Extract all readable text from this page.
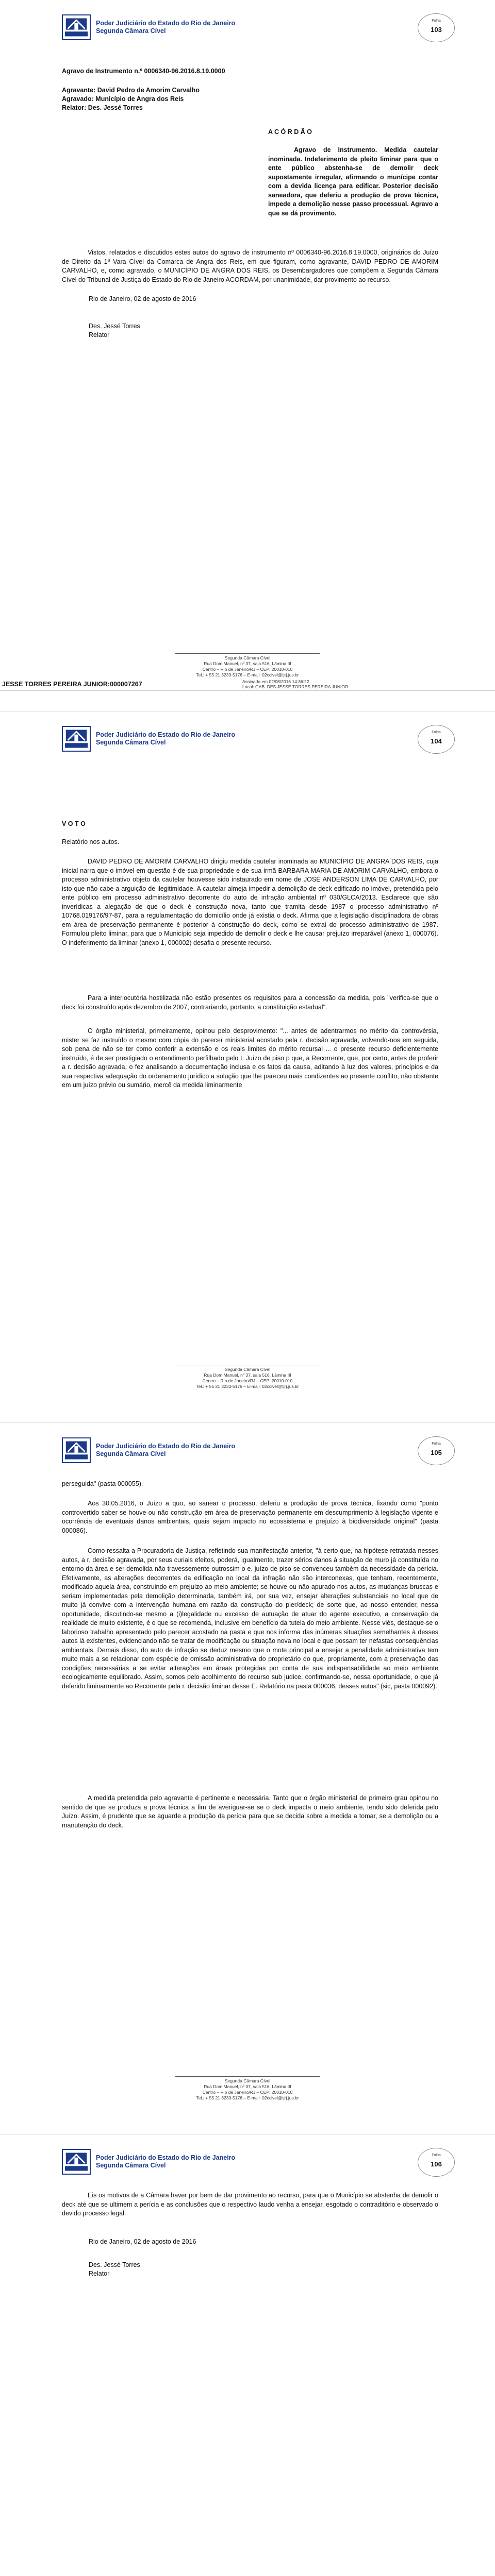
Poder Judiciário do Estado do Rio de Janeiro
Segunda Câmara Cível
Folha
103
Agravo de Instrumento n.º 0006340-96.2016.8.19.0000
Agravante: David Pedro de Amorim Carvalho
Agravado: Município de Angra dos Reis
Relator: Des. Jessé Torres
A C Ó R D Ã O
Agravo de Instrumento. Medida cautelar inominada. Indeferimento de pleito liminar para que o ente público abstenha-se de demolir deck supostamente irregular, afirmando o munícipe contar com a devida licença para edificar. Posterior decisão saneadora, que deferiu a produção de prova técnica, impede a demolição nesse passo processual. Agravo a que se dá provimento.
Vistos, relatados e discutidos estes autos do agravo de instrumento nº 0006340-96.2016.8.19.0000, originários do Juízo de Direito da 1ª Vara Cível da Comarca de Angra dos Reis, em que figuram, como agravante, DAVID PEDRO DE AMORIM CARVALHO, e, como agravado, o MUNICÍPIO DE ANGRA DOS REIS, os Desembargadores que compõem a Segunda Câmara Cível do Tribunal de Justiça do Estado do Rio de Janeiro ACORDAM, por unanimidade, dar provimento ao recurso.
Rio de Janeiro, 02 de agosto de 2016
Des. Jessé Torres
Relator
Segunda Câmara Cível
Rua Dom Manuel, nº 37, sala 516, Lâmina III
Centro – Rio de Janeiro/RJ – CEP: 20010-010
Tel.: + 55 21 3233-5176 – E-mail: 02ccivel@tjrj.jus.br
JESSE TORRES PEREIRA JUNIOR:000007267	Assinado em 02/08/2016 14:36:22
Local: GAB. DES JESSE TORRES PEREIRA JUNIOR
Poder Judiciário do Estado do Rio de Janeiro
Segunda Câmara Cível
Folha
104
V O T O
Relatório nos autos.
DAVID PEDRO DE AMORIM CARVALHO dirigiu medida cautelar inominada ao MUNICÍPIO DE ANGRA DOS REIS, cuja inicial narra que o imóvel em questão é de sua propriedade e de sua irmã BARBARA MARIA DE AMORIM CARVALHO, embora o processo administrativo objeto da cautelar houvesse sido instaurado em nome de JOSÉ ANDERSON LIMA DE CARVALHO, por isto que não cabe a arguição de ilegitimidade. A cautelar almeja impedir a demolição de deck edificado no imóvel, pretendida pelo ente público em processo administrativo decorrente do auto de infração ambiental nº 030/GLCA/2013. Esclarece que são inverídicas a alegação de que o deck é construção nova, tanto que tramita desde 1987 o processo administrativo nº 10768.019176/97-87, para a regulamentação do domicílio onde já existia o deck. Afirma que a legislação disciplinadora de obras em área de preservação permanente é posterior à construção do deck, como se extrai do processo administrativo de 1987. Formulou pleito liminar, para que o Município seja impedido de demolir o deck e lhe causar prejuízo irreparável (anexo 1, 000076). O indeferimento da liminar (anexo 1, 000002) desafia o presente recurso.
Para a interlocutória hostilizada não estão presentes os requisitos para a concessão da medida, pois "verifica-se que o deck foi construído após dezembro de 2007, contrariando, portanto, a constituição estadual".
O órgão ministerial, primeiramente, opinou pelo desprovimento: "... antes de adentrarmos no mérito da controvérsia, mister se faz instruído o mesmo com cópia do parecer ministerial acostado pela r. decisão agravada, volvendo-nos em seguida, sob pena de não se ter como conferir a extensão e os reais limites do mérito recursal ... o presente recurso deficientemente instruído, é de ser prestigiado o entendimento perfilhado pelo I. Juízo de piso p que, a Recorrente, que, por certo, antes de proferir a r. decisão agravada, o fez analisando a documentação inclusa e os fatos da causa, aditando à luz dos valores, princípios e da sua respectiva adequação do ordenamento jurídico a solução que lhe pareceu mais condizentes ao presente conflito, não obstante em um juízo prévio ou sumário, mercê da medida liminarmente
Segunda Câmara Cível
Rua Dom Manuel, nº 37, sala 516, Lâmina III
Centro – Rio de Janeiro/RJ – CEP: 20010-010
Tel.: + 55 21 3233-5176 – E-mail: 02ccivel@tjrj.jus.br
Poder Judiciário do Estado do Rio de Janeiro
Segunda Câmara Cível
Folha
105
perseguida" (pasta 000055).
Aos 30.05.2016, o Juízo a quo, ao sanear o processo, deferiu a produção de prova técnica, fixando como "ponto controvertido saber se houve ou não construção em área de preservação permanente em descumprimento à legislação vigente e ocorrência de eventuais danos ambientais, quais sejam impacto no ecossistema e prejuízo à biodiversidade original" (pasta 000086).
Como ressalta a Procuradoria de Justiça, refletindo sua manifestação anterior, "à certo que, na hipótese retratada nesses autos, a r. decisão agravada, por seus curiais efeitos, poderá, igualmente, trazer sérios danos à situação de muro já constituída no entorno da área e ser demolida não travessemente outrossim o e. juízo de piso se convenceu também da necessidade da perícia. Efetivamente, as alterações decorrentes da edificação no local da infração não são interconexas, que tenham, recentemente, modificado aquela área, construindo em prejuízo ao meio ambiente; se houve ou não apurado nos autos, as mudanças bruscas e seriam implementadas pela demolição determinada, também irá, por sua vez, ensejar alterações substanciais no local que de muito já convive com a intervenção humana em razão da construção do pier/deck; de sorte que, ao nosso entender, nessa oportunidade, discutindo-se mesmo a (i)legalidade ou excesso de autuação de atuar do agente executivo, a conservação da realidade de muito existente, é o que se recomenda, inclusive em benefício da tutela do meio ambiente. Nesse viés, destaque-se o laborioso trabalho apresentado pelo parecer acostado na pasta e que nos informa das inúmeras situações semelhantes à desses autos lá existentes, evidenciando não se tratar de modificação ou situação nova no local e que possam ter nefastas consequências ambientais. Demais disso, do auto de infração se deduz mesmo que o mote principal a ensejar a penalidade administrativa tem muito mais a se relacionar com espécie de omissão administrativa do proprietário do que, propriamente, com a preservação das condições necessárias a se evitar alterações em áreas protegidas por conta de sua indispensabilidade ao meio ambiente ecologicamente equilibrado. Assim, somos pelo acolhimento do recurso sub judice, confirmando-se, nessa oportunidade, o que já deferido liminarmente ao Recorrente pela r. decisão liminar desse E. Relatório na pasta 000036, desses autos" (sic, pasta 000092).
A medida pretendida pelo agravante é pertinente e necessária. Tanto que o órgão ministerial de primeiro grau opinou no sentido de que se produza a prova técnica a fim de averiguar-se se o deck impacta o meio ambiente, tendo sido deferida pelo Juízo. Assim, é prudente que se aguarde a produção da perícia para que se decida sobre a medida a tomar, se a demolição ou a manutenção do deck.
Segunda Câmara Cível
Rua Dom Manuel, nº 37, sala 516, Lâmina III
Centro – Rio de Janeiro/RJ – CEP: 20010-010
Tel.: + 55 21 3233-5176 – E-mail: 02ccivel@tjrj.jus.br
Poder Judiciário do Estado do Rio de Janeiro
Segunda Câmara Cível
Folha
106
Eis os motivos de a Câmara haver por bem de dar provimento ao recurso, para que o Município se abstenha de demolir o deck até que se ultimem a perícia e as conclusões que o respectivo laudo venha a ensejar, esgotado o contraditório e observado o devido processo legal.
Rio de Janeiro, 02 de agosto de 2016
Des. Jessé Torres
Relator
